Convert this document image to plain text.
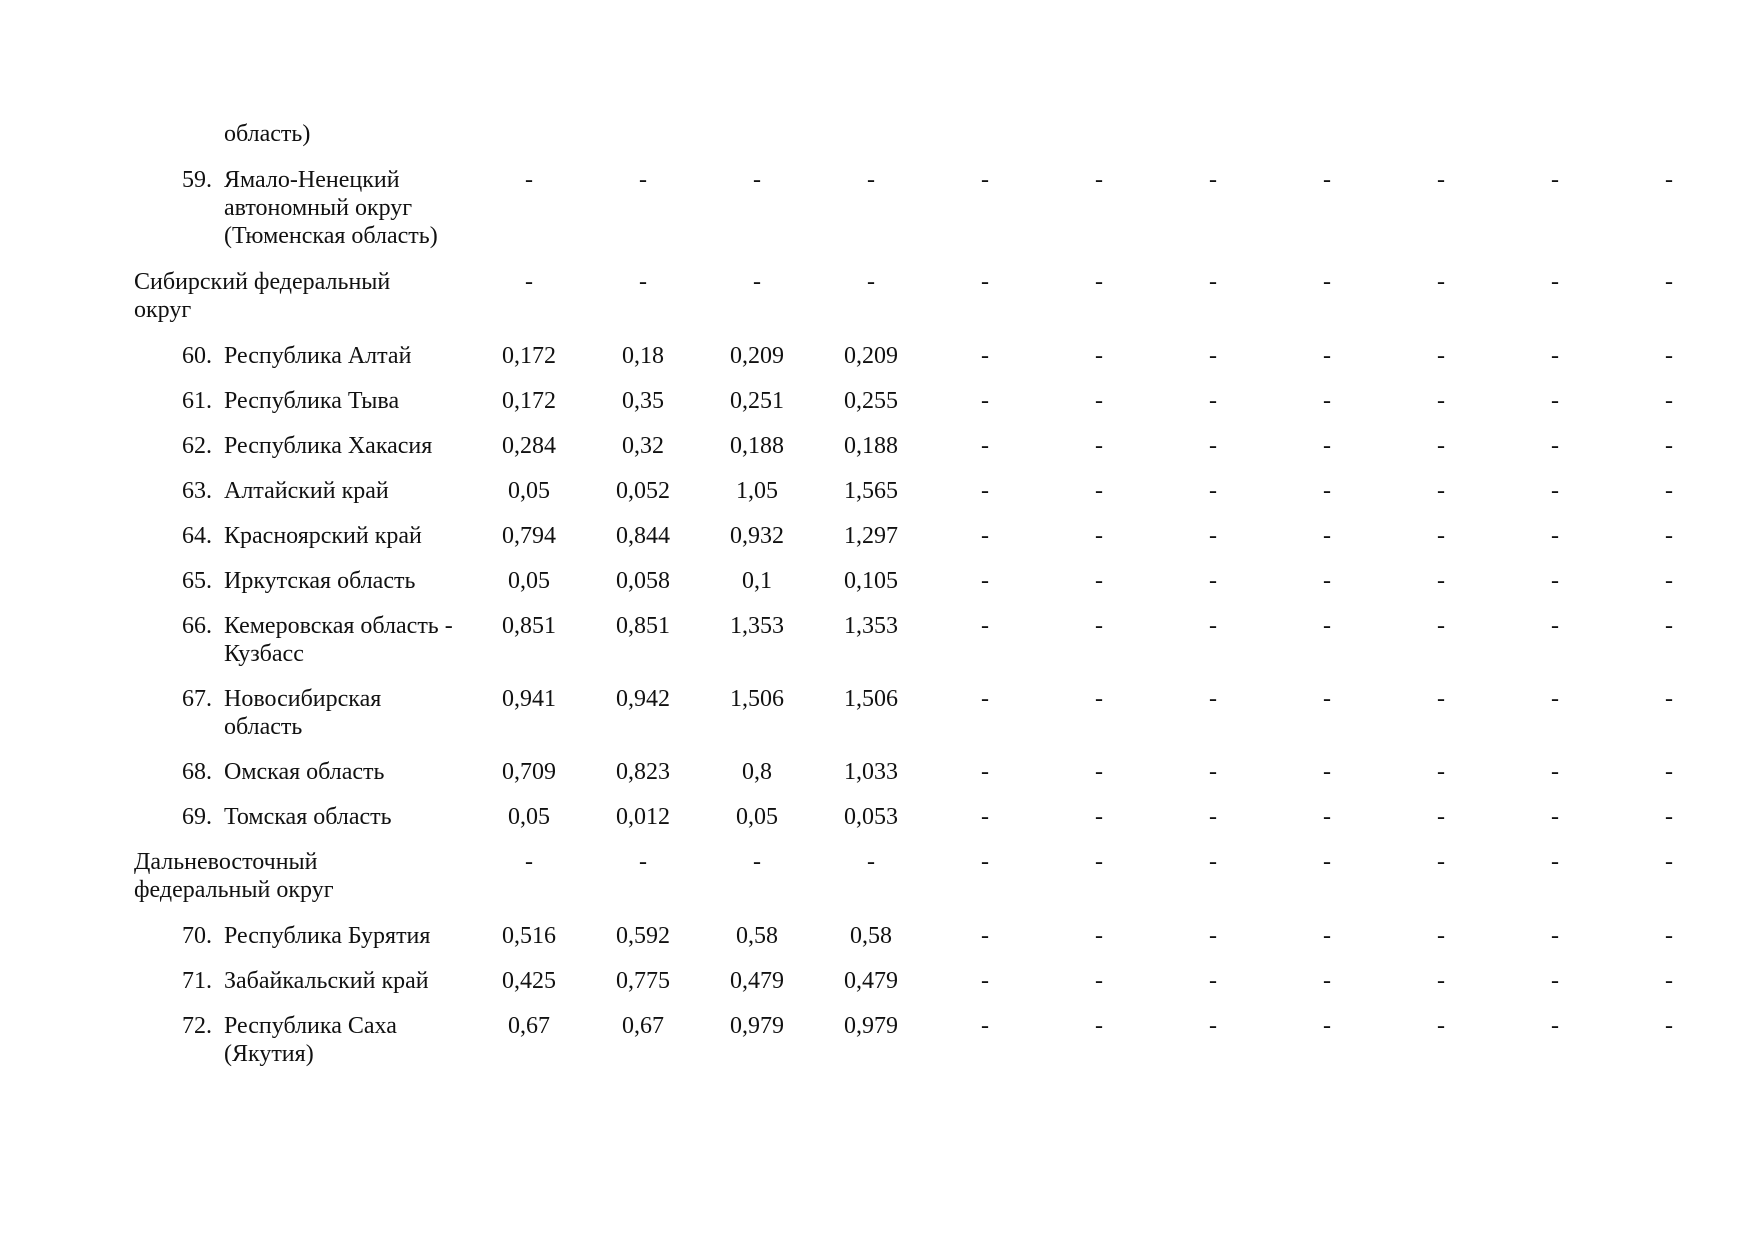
	область)											
59.	Ямало-Ненецкий
автономный округ
(Тюменская область)	-	-	-	-	-	-	-	-	-	-	-

Сибирский федеральный
округ	-	-	-	-	-	-	-	-	-	-	-
60.	Республика Алтай	0,172	0,18	0,209	0,209	-	-	-	-	-	-	-
61.	Республика Тыва	0,172	0,35	0,251	0,255	-	-	-	-	-	-	-
62.	Республика Хакасия	0,284	0,32	0,188	0,188	-	-	-	-	-	-	-
63.	Алтайский край	0,05	0,052	1,05	1,565	-	-	-	-	-	-	-
64.	Красноярский край	0,794	0,844	0,932	1,297	-	-	-	-	-	-	-
65.	Иркутская область	0,05	0,058	0,1	0,105	-	-	-	-	-	-	-
66.	Кемеровская область -
Кузбасс	0,851	0,851	1,353	1,353	-	-	-	-	-	-	-
67.	Новосибирская
область	0,941	0,942	1,506	1,506	-	-	-	-	-	-	-
68.	Омская область	0,709	0,823	0,8	1,033	-	-	-	-	-	-	-
69.	Томская область	0,05	0,012	0,05	0,053	-	-	-	-	-	-	-

Дальневосточный
федеральный округ	-	-	-	-	-	-	-	-	-	-	-
70.	Республика Бурятия	0,516	0,592	0,58	0,58	-	-	-	-	-	-	-
71.	Забайкальский край	0,425	0,775	0,479	0,479	-	-	-	-	-	-	-
72.	Республика Саха
(Якутия)	0,67	0,67	0,979	0,979	-	-	-	-	-	-	-
